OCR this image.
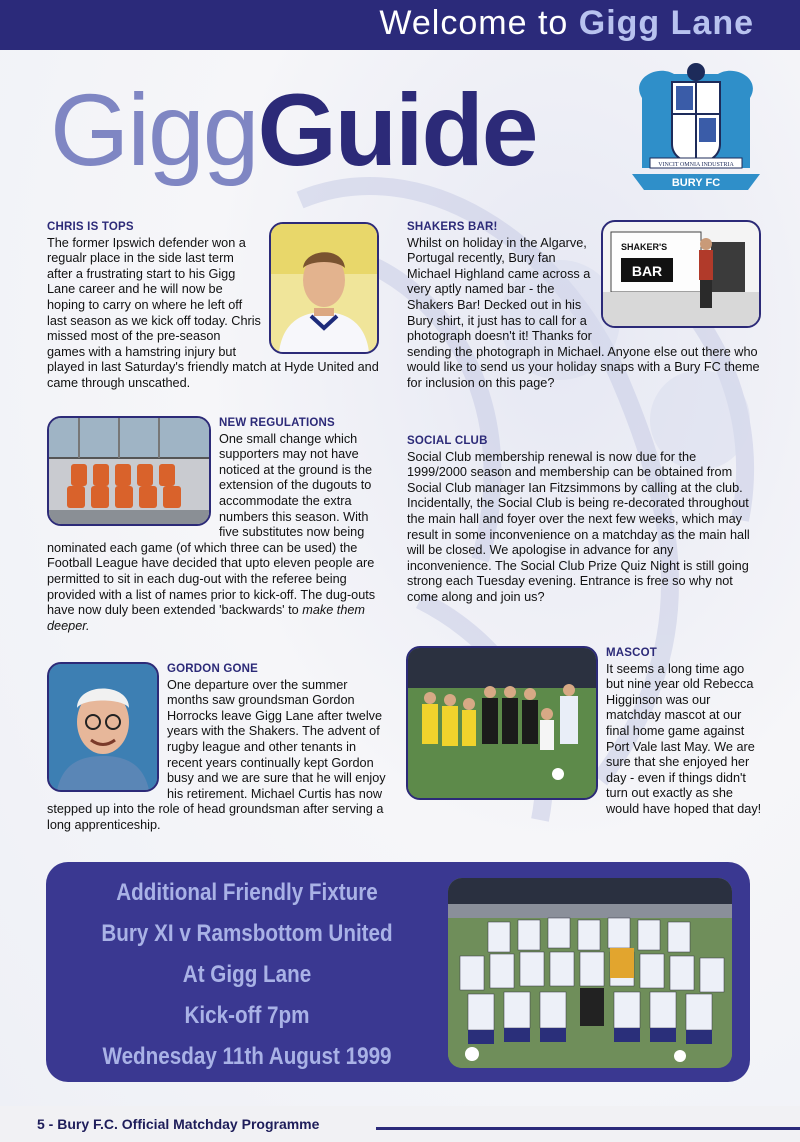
Welcome to Gigg Lane
GiggGuide	VINCIT OMNIA INDUSTRIA
BURY FC
CHRIS IS TOPS

The former Ipswich defender won a regualr place in the side last term after a frustrating start to his Gigg Lane career and he will now be hoping to carry on where he left off last season as we kick off today. Chris missed most of the pre-season games with a hamstring injury but played in last Saturday's friendly match at Hyde United and came through unscathed.

SHAKER'S
BAR
SHAKERS BAR!

Whilst on holiday in the Algarve, Portugal recently, Bury fan Michael Highland came across a very aptly named bar - the Shakers Bar! Decked out in his Bury shirt, it just has to call for a photograph doesn't it! Thanks for sending the photograph in Michael. Anyone else out there who would like to send us your holiday snaps with a Bury FC theme for inclusion on this page?

NEW REGULATIONS

One small change which supporters may not have noticed at the ground is the extension of the dugouts to accommodate the extra numbers this season. With five substitutes now being nominated each game (of which three can be used) the Football League have decided that upto eleven people are permitted to sit in each dug-out with the referee being provided with a list of names prior to kick-off. The dug-outs have now duly been extended 'backwards' to make them deeper.

SOCIAL CLUB

Social Club membership renewal is now due for the 1999/2000 season and membership can be obtained from Social Club manager Ian Fitzsimmons by calling at the club. Incidentally, the Social Club is being re-decorated throughout the main hall and foyer over the next few weeks, which may result in some inconvenience on a matchday as the main hall will be closed. We apologise in advance for any inconvenience. The Social Club Prize Quiz Night is still going strong each Tuesday evening. Entrance is free so why not come along and join us?

GORDON GONE

One departure over the summer months saw groundsman Gordon Horrocks leave Gigg Lane after twelve years with the Shakers. The advent of rugby league and other tenants in recent years continually kept Gordon busy and we are sure that he will enjoy his retirement. Michael Curtis has now stepped up into the role of head groundsman after serving a long apprenticeship.

MASCOT

It seems a long time ago but nine year old Rebecca Higginson was our matchday mascot at our final home game against Port Vale last May. We are sure that she enjoyed her day - even if things didn't turn out exactly as she would have hoped that day!

Additional Friendly Fixture
Bury XI v Ramsbottom United
At Gigg Lane
Kick-off 7pm
Wednesday 11th August 1999
5 - Bury F.C. Official Matchday Programme
